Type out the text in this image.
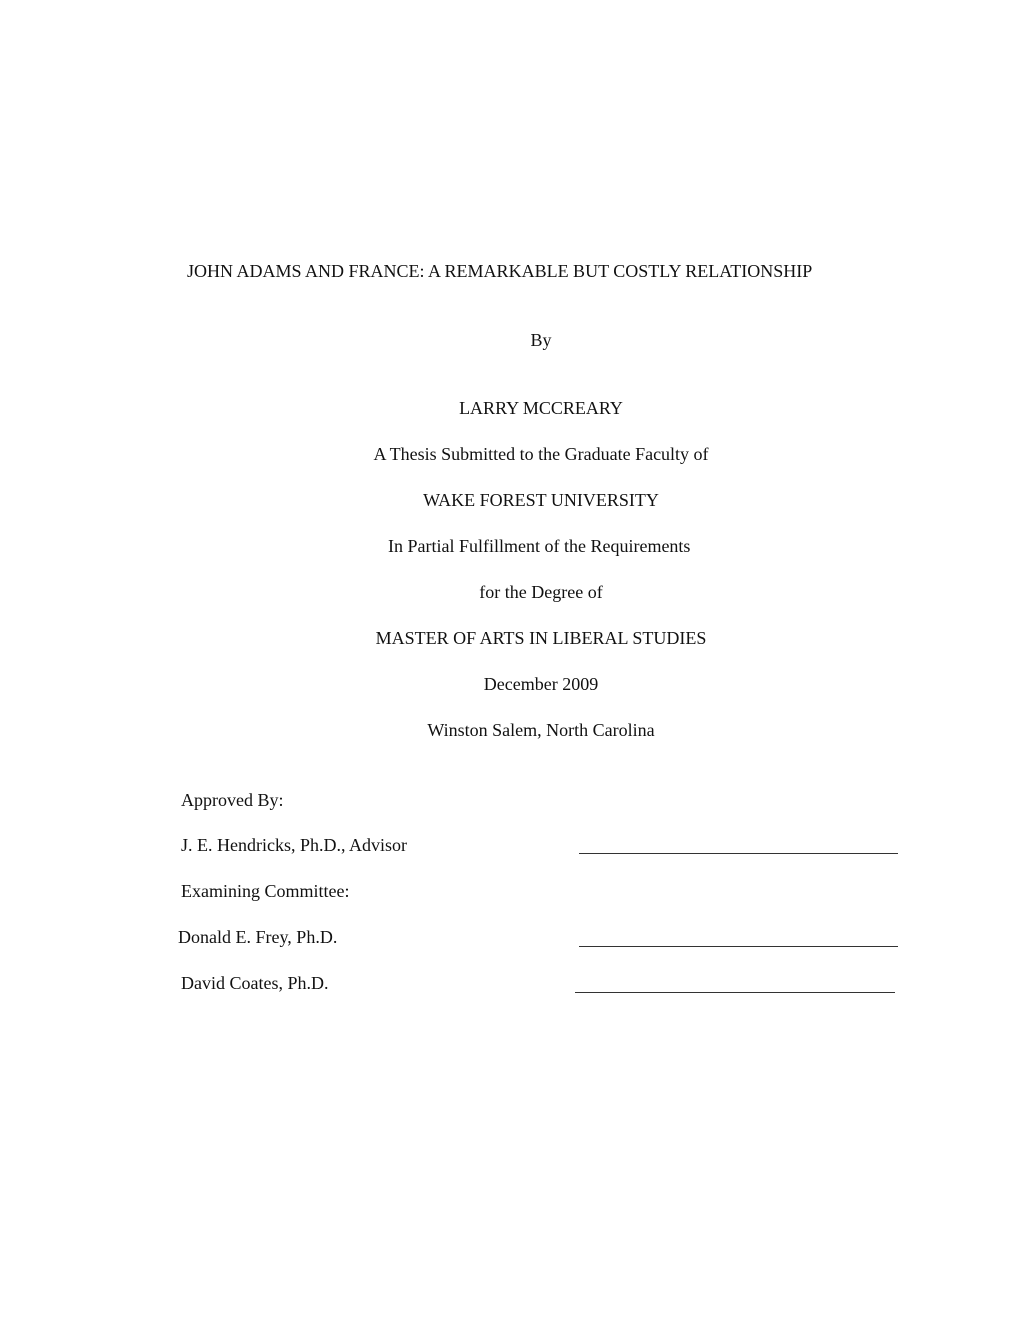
JOHN ADAMS AND FRANCE: A REMARKABLE BUT COSTLY RELATIONSHIP
By
LARRY MCCREARY
A Thesis Submitted to the Graduate Faculty of
WAKE FOREST UNIVERSITY
In Partial Fulfillment of the Requirements
for the Degree of
MASTER OF ARTS IN LIBERAL STUDIES
December 2009
Winston Salem, North Carolina
Approved By:
J. E. Hendricks, Ph.D., Advisor
Examining Committee:
Donald E. Frey, Ph.D.
David Coates, Ph.D.
